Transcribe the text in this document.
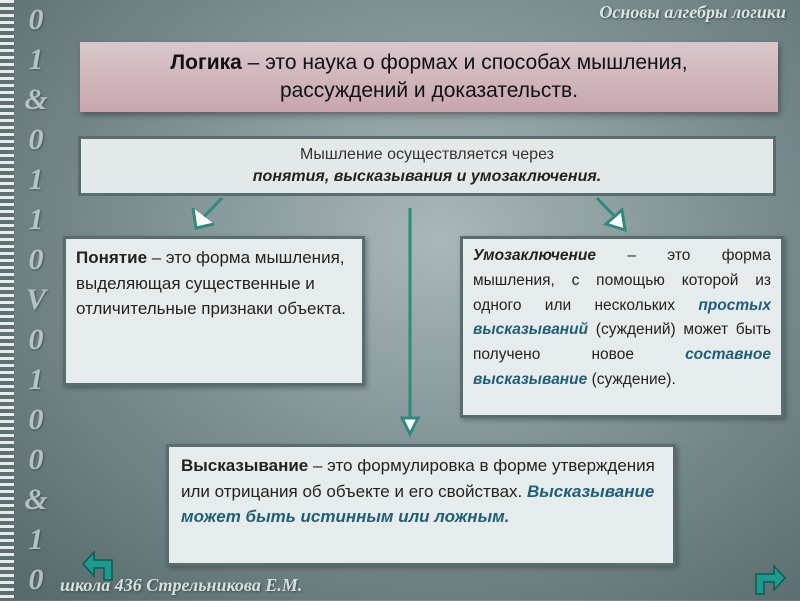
0
1
&
0
1
1
0
V
0
1
0
0
&
1
0
Основы алгебры логики
Логика – это наука о формах и способах мышления,
рассуждений и доказательств.
Мышление осуществляется через
понятия, высказывания и умозаключения.
Понятие – это форма мышления, выделяющая существенные и отличительные признаки объекта.
Умозаключение – это форма мышления, с помощью которой из одного или нескольких простых высказываний (суждений) может быть получено новое составное высказывание (суждение).
Высказывание – это формулировка в форме утверждения или отрицания об объекте и его свойствах. Высказывание может быть истинным или ложным.
школа 436 Стрельникова Е.М.
